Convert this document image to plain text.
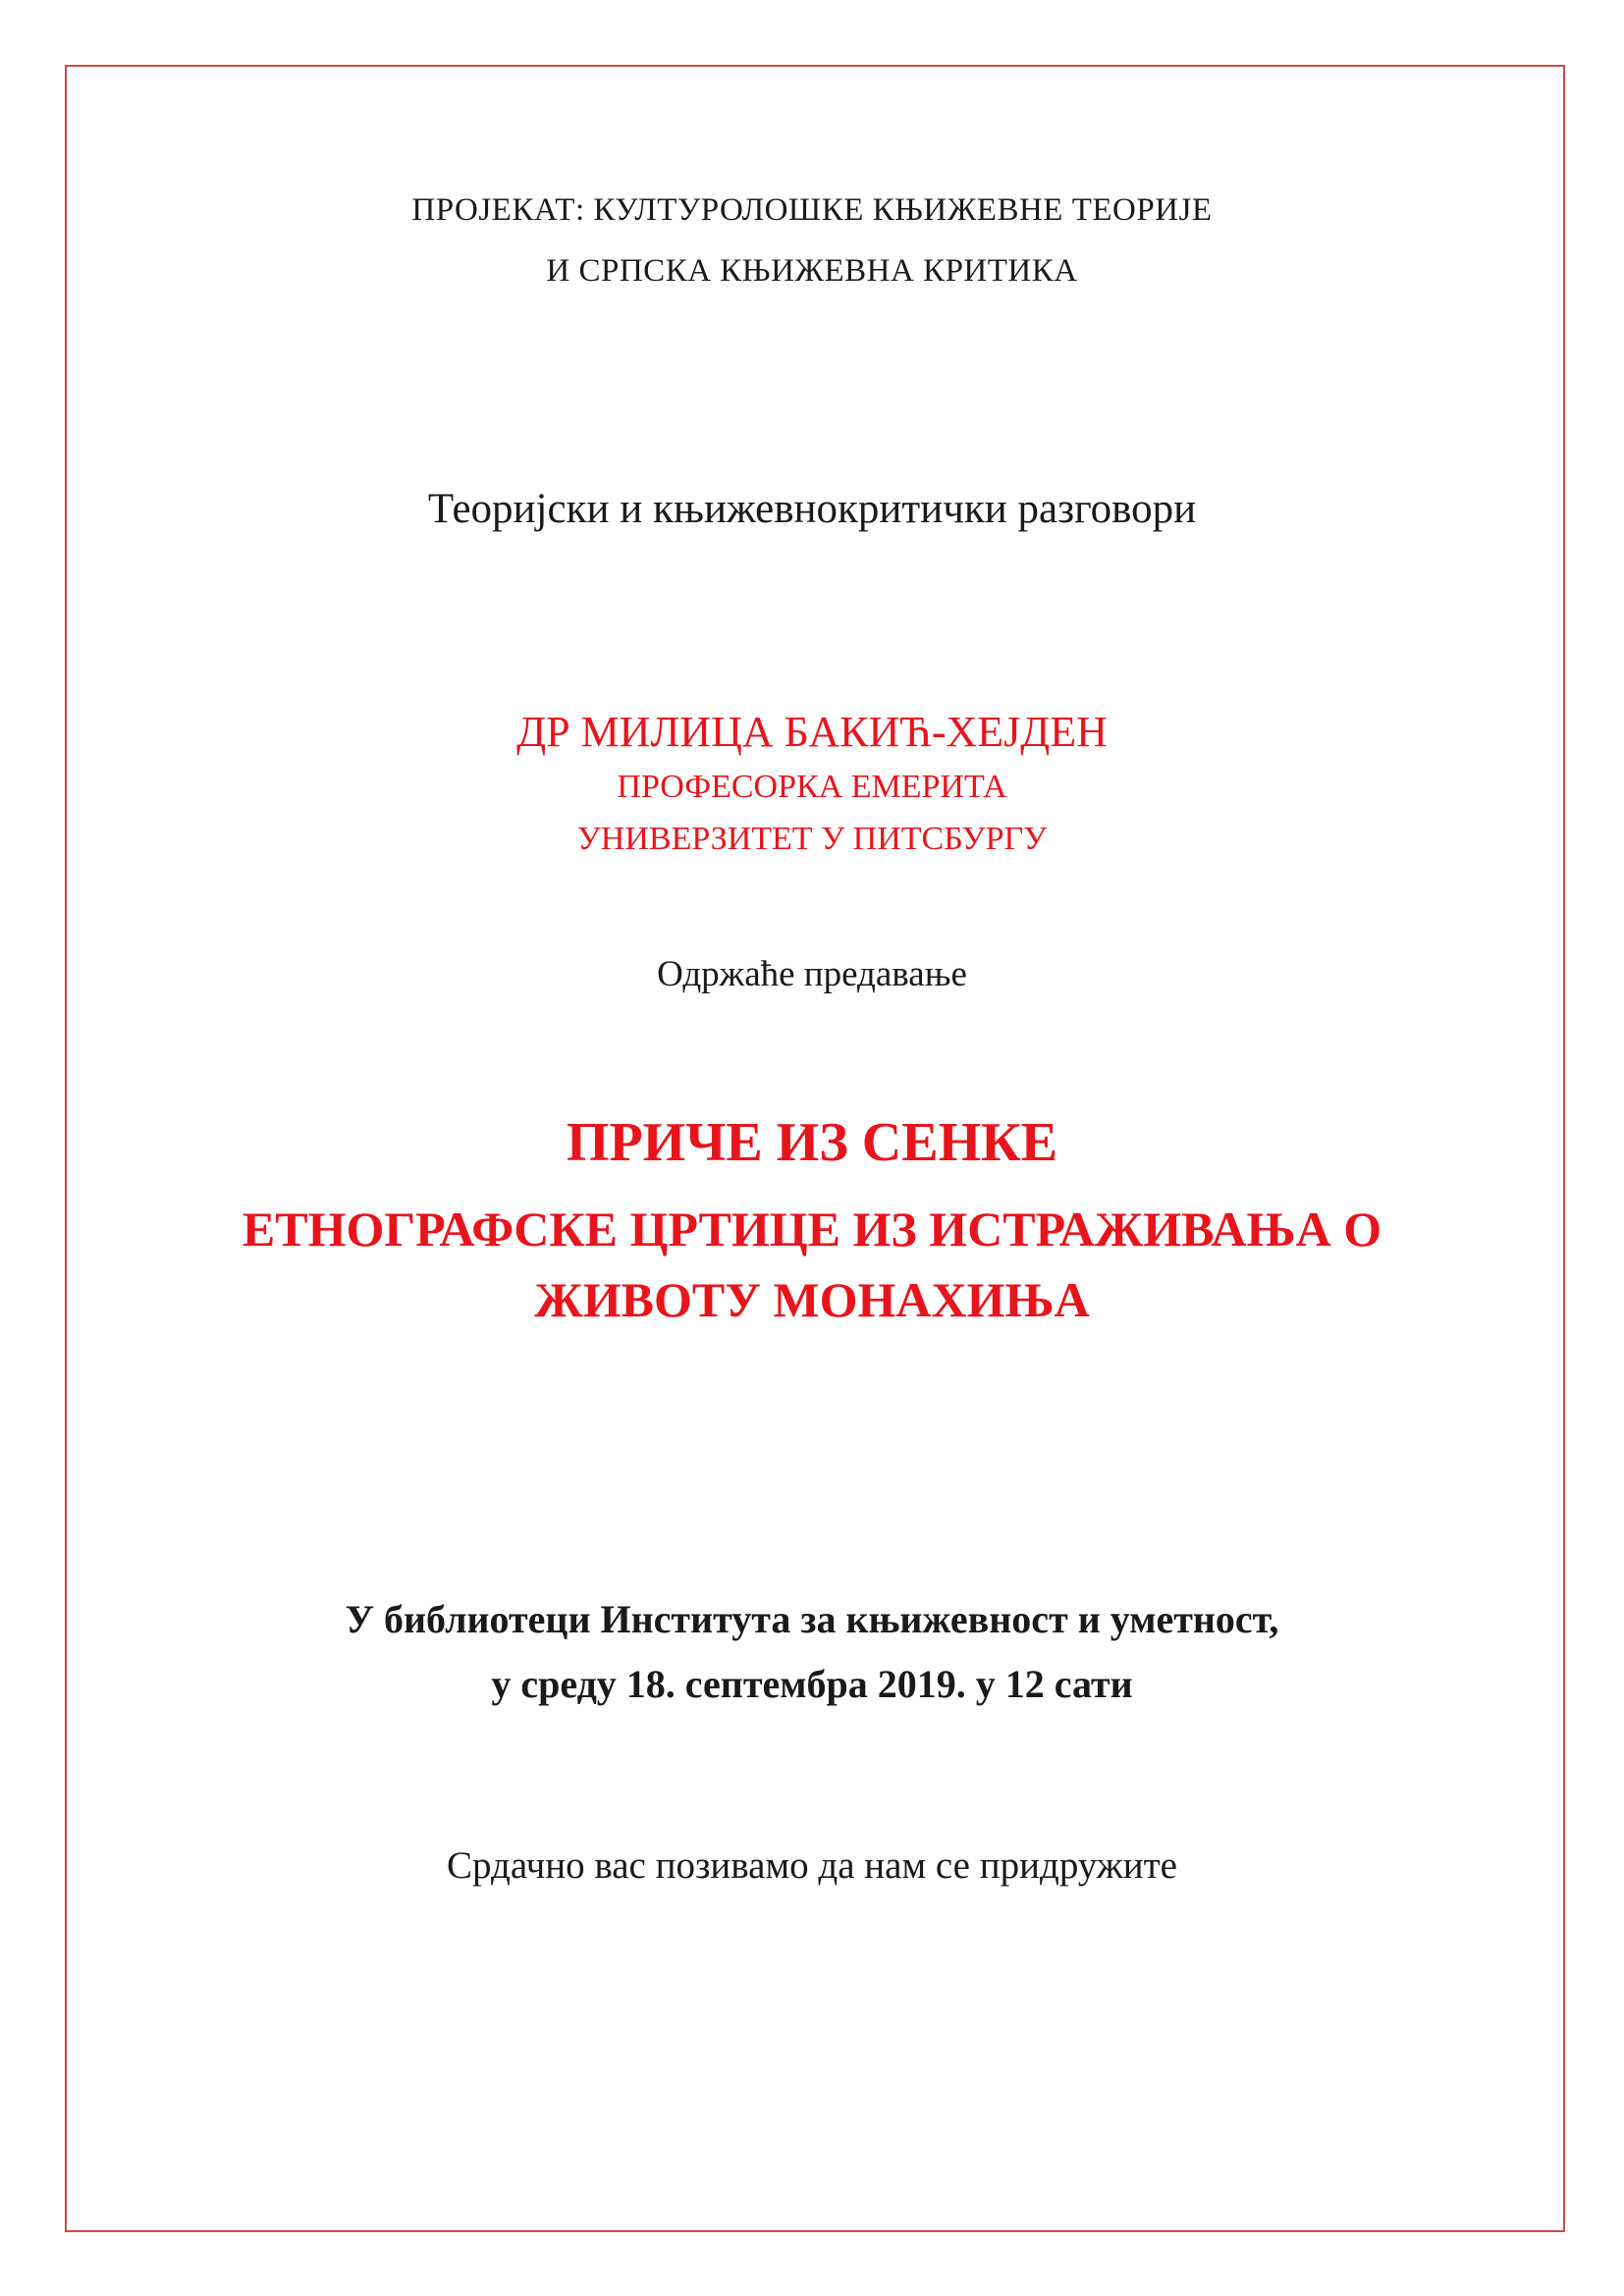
ПРОЈЕКАТ: КУЛТУРОЛОШКЕ КЊИЖЕВНЕ ТЕОРИЈЕ
И СРПСКА КЊИЖЕВНА КРИТИКА
Теоријски и књижевнокритички разговори
ДР МИЛИЦА БАКИЋ-ХЕЈДЕН
ПРОФЕСОРКА ЕМЕРИТА
УНИВЕРЗИТЕТ У ПИТСБУРГУ
Одржаће предавање
ПРИЧЕ ИЗ СЕНКЕ
ЕТНОГРАФСКЕ ЦРТИЦЕ ИЗ ИСТРАЖИВАЊА О
ЖИВОТУ МОНАХИЊА
У библиотеци Института за књижевност и уметност,
у среду 18. септембра 2019. у 12 сати
Срдачно вас позивамо да нам се придружите
